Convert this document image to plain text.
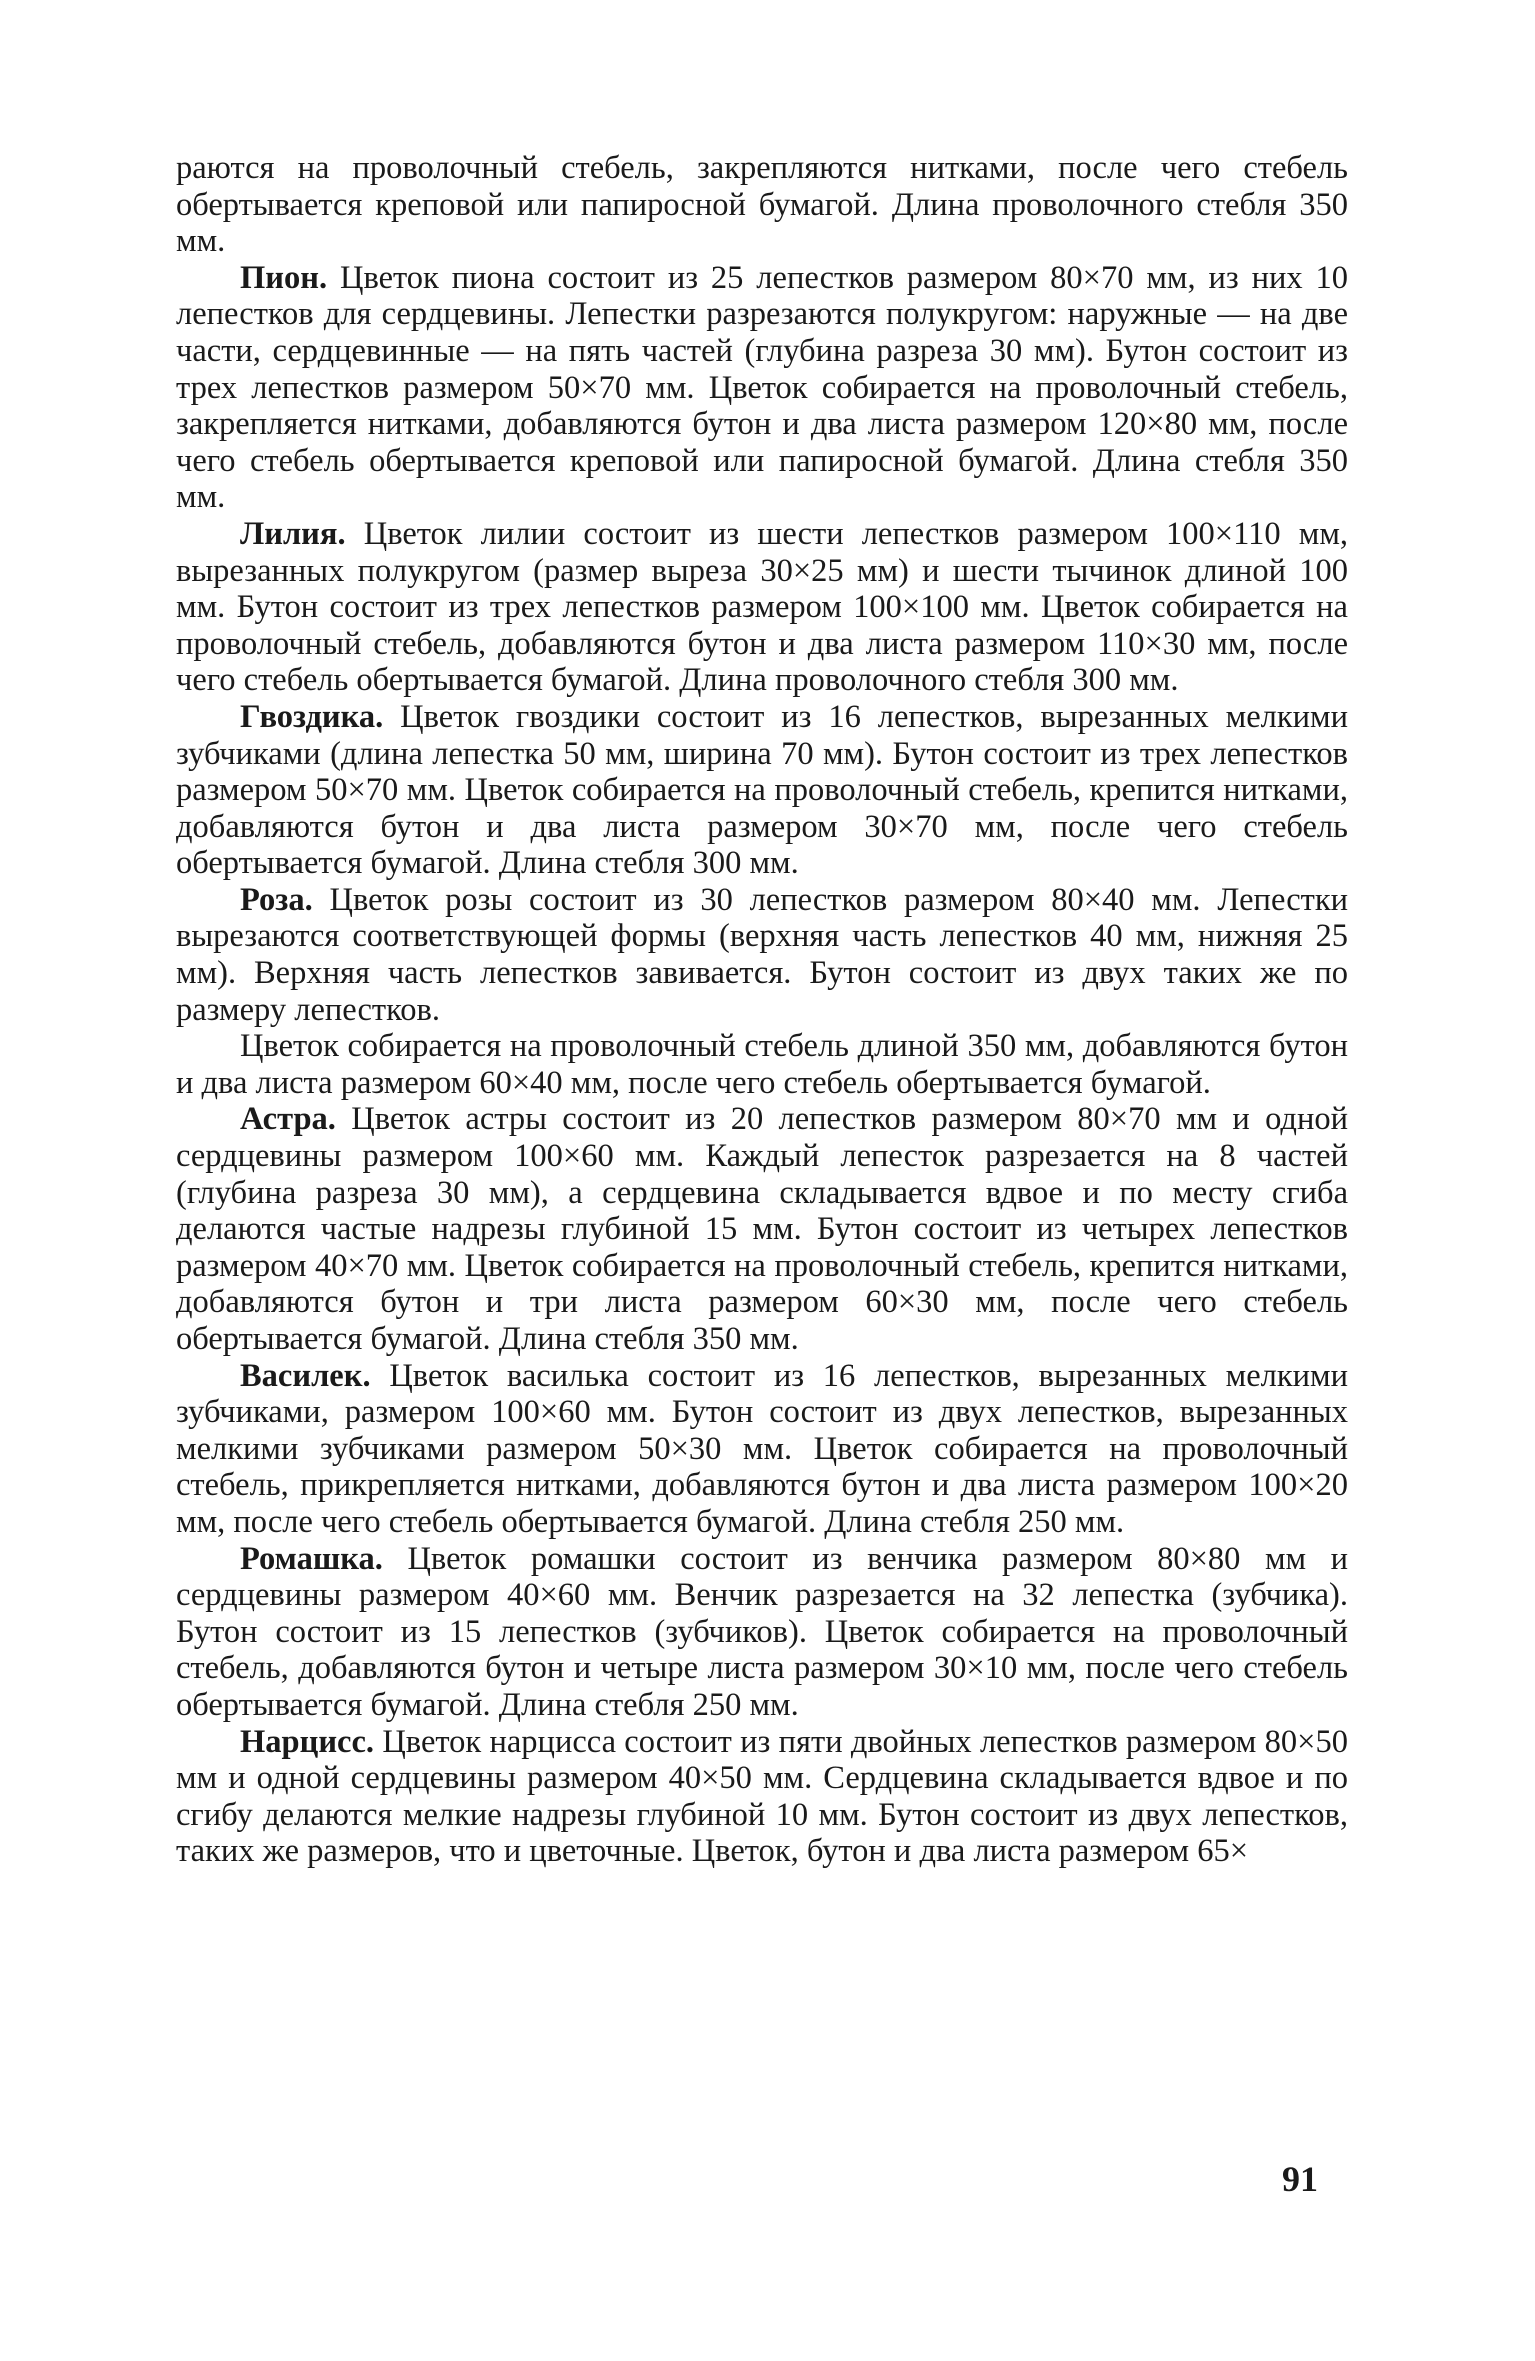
раются на проволочный стебель, закрепляются нитками, после чего стебель обертывается креповой или папиросной бумагой. Длина проволочного стебля 350 мм.

Пион. Цветок пиона состоит из 25 лепестков размером 80×70 мм, из них 10 лепестков для сердцевины. Лепестки разрезаются полукругом: наружные — на две части, сердцевинные — на пять частей (глубина разреза 30 мм). Бутон состоит из трех лепестков размером 50×70 мм. Цветок собирается на проволочный стебель, закрепляется нитками, добавляются бутон и два листа размером 120×80 мм, после чего стебель обертывается креповой или папиросной бумагой. Длина стебля 350 мм.

Лилия. Цветок лилии состоит из шести лепестков размером 100×110 мм, вырезанных полукругом (размер выреза 30×25 мм) и шести тычинок длиной 100 мм. Бутон состоит из трех лепестков размером 100×100 мм. Цветок собирается на проволочный стебель, добавляются бутон и два листа размером 110×30 мм, после чего стебель обертывается бумагой. Длина проволочного стебля 300 мм.

Гвоздика. Цветок гвоздики состоит из 16 лепестков, вырезанных мелкими зубчиками (длина лепестка 50 мм, ширина 70 мм). Бутон состоит из трех лепестков размером 50×70 мм. Цветок собирается на проволочный стебель, крепится нитками, добавляются бутон и два листа размером 30×70 мм, после чего стебель обертывается бумагой. Длина стебля 300 мм.

Роза. Цветок розы состоит из 30 лепестков размером 80×40 мм. Лепестки вырезаются соответствующей формы (верхняя часть лепестков 40 мм, нижняя 25 мм). Верхняя часть лепестков завивается. Бутон состоит из двух таких же по размеру лепестков.

Цветок собирается на проволочный стебель длиной 350 мм, добавляются бутон и два листа размером 60×40 мм, после чего стебель обертывается бумагой.

Астра. Цветок астры состоит из 20 лепестков размером 80×70 мм и одной сердцевины размером 100×60 мм. Каждый лепесток разрезается на 8 частей (глубина разреза 30 мм), а сердцевина складывается вдвое и по месту сгиба делаются частые надрезы глубиной 15 мм. Бутон состоит из четырех лепестков размером 40×70 мм. Цветок собирается на проволочный стебель, крепится нитками, добавляются бутон и три листа размером 60×30 мм, после чего стебель обертывается бумагой. Длина стебля 350 мм.

Василек. Цветок василька состоит из 16 лепестков, вырезанных мелкими зубчиками, размером 100×60 мм. Бутон состоит из двух лепестков, вырезанных мелкими зубчиками размером 50×30 мм. Цветок собирается на проволочный стебель, прикрепляется нитками, добавляются бутон и два листа размером 100×20 мм, после чего стебель обертывается бумагой. Длина стебля 250 мм.

Ромашка. Цветок ромашки состоит из венчика размером 80×80 мм и сердцевины размером 40×60 мм. Венчик разрезается на 32 лепестка (зубчика). Бутон состоит из 15 лепестков (зубчиков). Цветок собирается на проволочный стебель, добавляются бутон и четыре листа размером 30×10 мм, после чего стебель обертывается бумагой. Длина стебля 250 мм.

Нарцисс. Цветок нарцисса состоит из пяти двойных лепестков размером 80×50 мм и одной сердцевины размером 40×50 мм. Сердцевина складывается вдвое и по сгибу делаются мелкие надрезы глубиной 10 мм. Бутон состоит из двух лепестков, таких же размеров, что и цветочные. Цветок, бутон и два листа размером 65×

91
